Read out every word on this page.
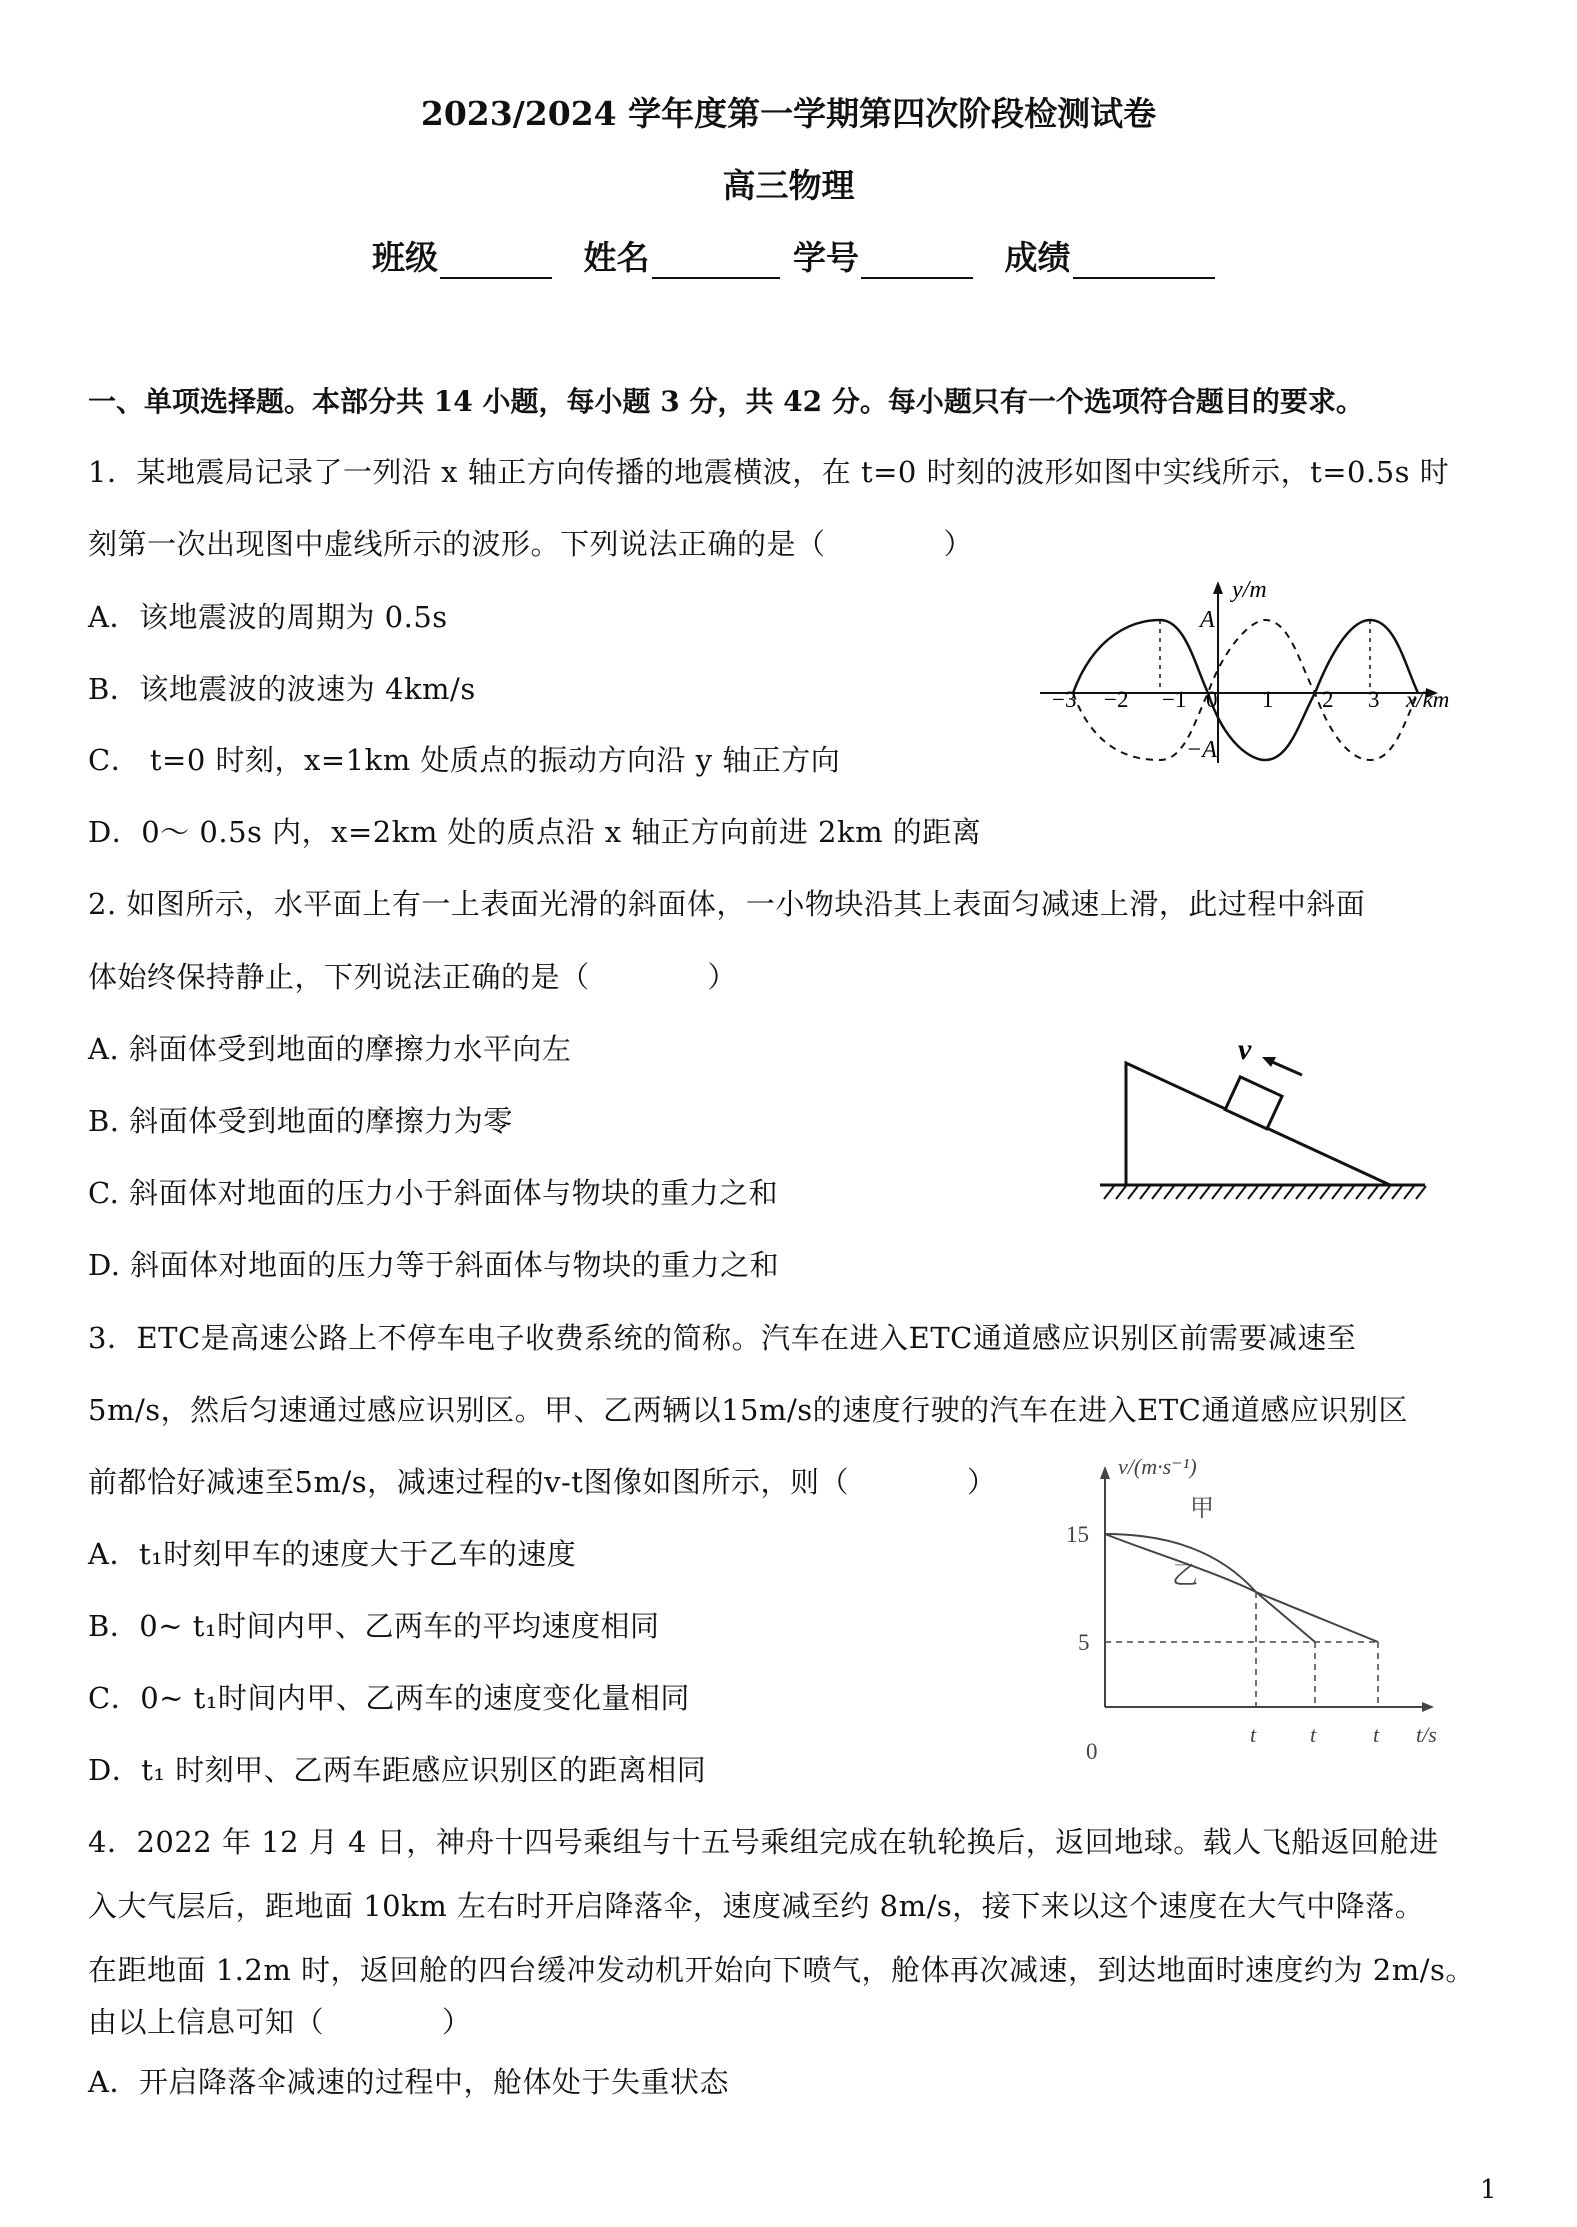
2023/2024 学年度第一学期第四次阶段检测试卷
高三物理
班级	姓名	学号	成绩
一、单项选择题。本部分共 14 小题，每小题 3 分，共 42 分。每小题只有一个选项符合题目的要求。
1．某地震局记录了一列沿 x 轴正方向传播的地震横波，在 t=0 时刻的波形如图中实线所示，t=0.5s 时
刻第一次出现图中虚线所示的波形。下列说法正确的是（　　　　）
A．该地震波的周期为 0.5s
B．该地震波的波速为 4km/s
C． t=0 时刻，x=1km 处质点的振动方向沿 y 轴正方向
D．0～ 0.5s 内，x=2km 处的质点沿 x 轴正方向前进 2km 的距离
y/m
A
−A
x/km
−3 −2 −1 0 1 2 3
2. 如图所示，水平面上有一上表面光滑的斜面体，一小物块沿其上表面匀减速上滑，此过程中斜面
体始终保持静止，下列说法正确的是（　　　　）
A. 斜面体受到地面的摩擦力水平向左
B. 斜面体受到地面的摩擦力为零
C. 斜面体对地面的压力小于斜面体与物块的重力之和
D. 斜面体对地面的压力等于斜面体与物块的重力之和
v
3．ETC是高速公路上不停车电子收费系统的简称。汽车在进入ETC通道感应识别区前需要减速至
5m/s，然后匀速通过感应识别区。甲、乙两辆以15m/s的速度行驶的汽车在进入ETC通道感应识别区
前都恰好减速至5m/s，减速过程的v-t图像如图所示，则（　　　　）
A．t₁时刻甲车的速度大于乙车的速度
B．0~ t₁时间内甲、乙两车的平均速度相同
C．0~ t₁时间内甲、乙两车的速度变化量相同
D．t₁ 时刻甲、乙两车距感应识别区的距离相同
v/(m·s⁻¹)
15
5
0
甲
乙
t t	t t/s
4．2022 年 12 月 4 日，神舟十四号乘组与十五号乘组完成在轨轮换后，返回地球。载人飞船返回舱进
入大气层后，距地面 10km 左右时开启降落伞，速度减至约 8m/s，接下来以这个速度在大气中降落。
在距地面 1.2m 时，返回舱的四台缓冲发动机开始向下喷气，舱体再次减速，到达地面时速度约为 2m/s。
由以上信息可知（　　　　）
A．开启降落伞减速的过程中，舱体处于失重状态
1
